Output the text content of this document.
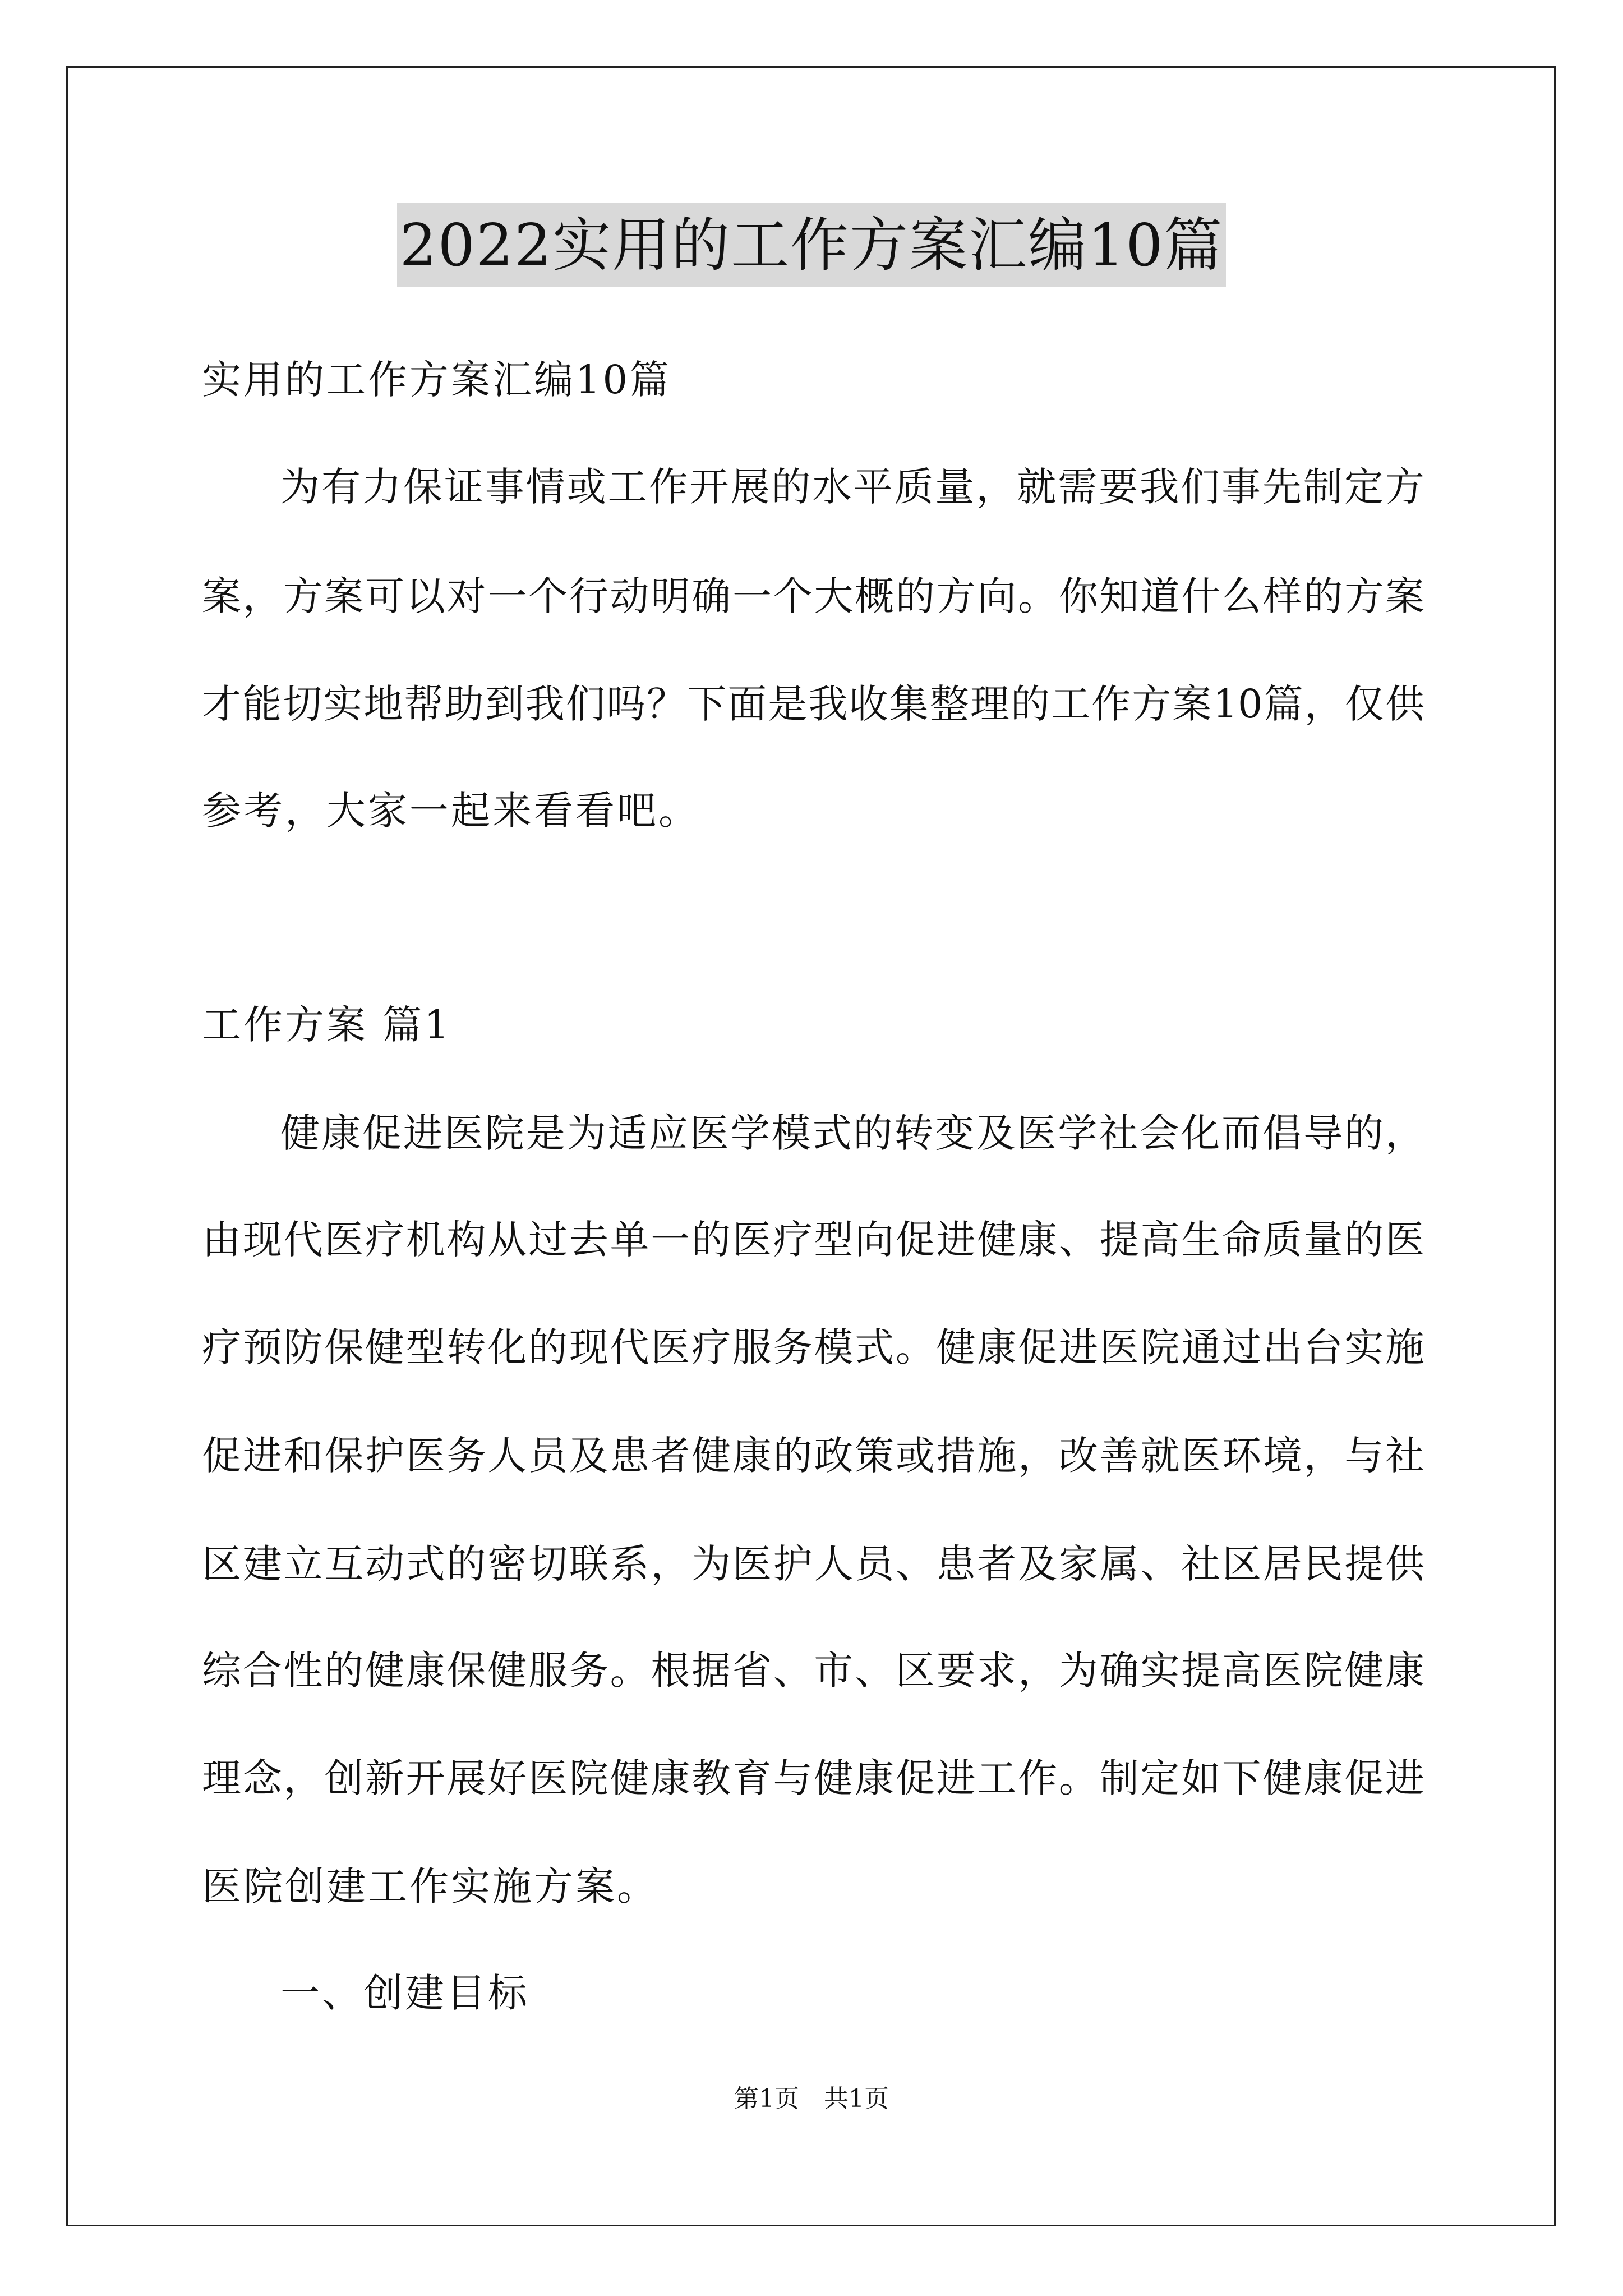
2022实用的工作方案汇编10篇
实用的工作方案汇编10篇
为有力保证事情或工作开展的水平质量，就需要我们事先制定方
案，方案可以对一个行动明确一个大概的方向。你知道什么样的方案
才能切实地帮助到我们吗？下面是我收集整理的工作方案10篇，仅供
参考，大家一起来看看吧。
工作方案 篇1
健康促进医院是为适应医学模式的转变及医学社会化而倡导的，
由现代医疗机构从过去单一的医疗型向促进健康、提高生命质量的医
疗预防保健型转化的现代医疗服务模式。健康促进医院通过出台实施
促进和保护医务人员及患者健康的政策或措施，改善就医环境，与社
区建立互动式的密切联系，为医护人员、患者及家属、社区居民提供
综合性的健康保健服务。根据省、市、区要求，为确实提高医院健康
理念，创新开展好医院健康教育与健康促进工作。制定如下健康促进
医院创建工作实施方案。
一、创建目标
第1页　共1页
